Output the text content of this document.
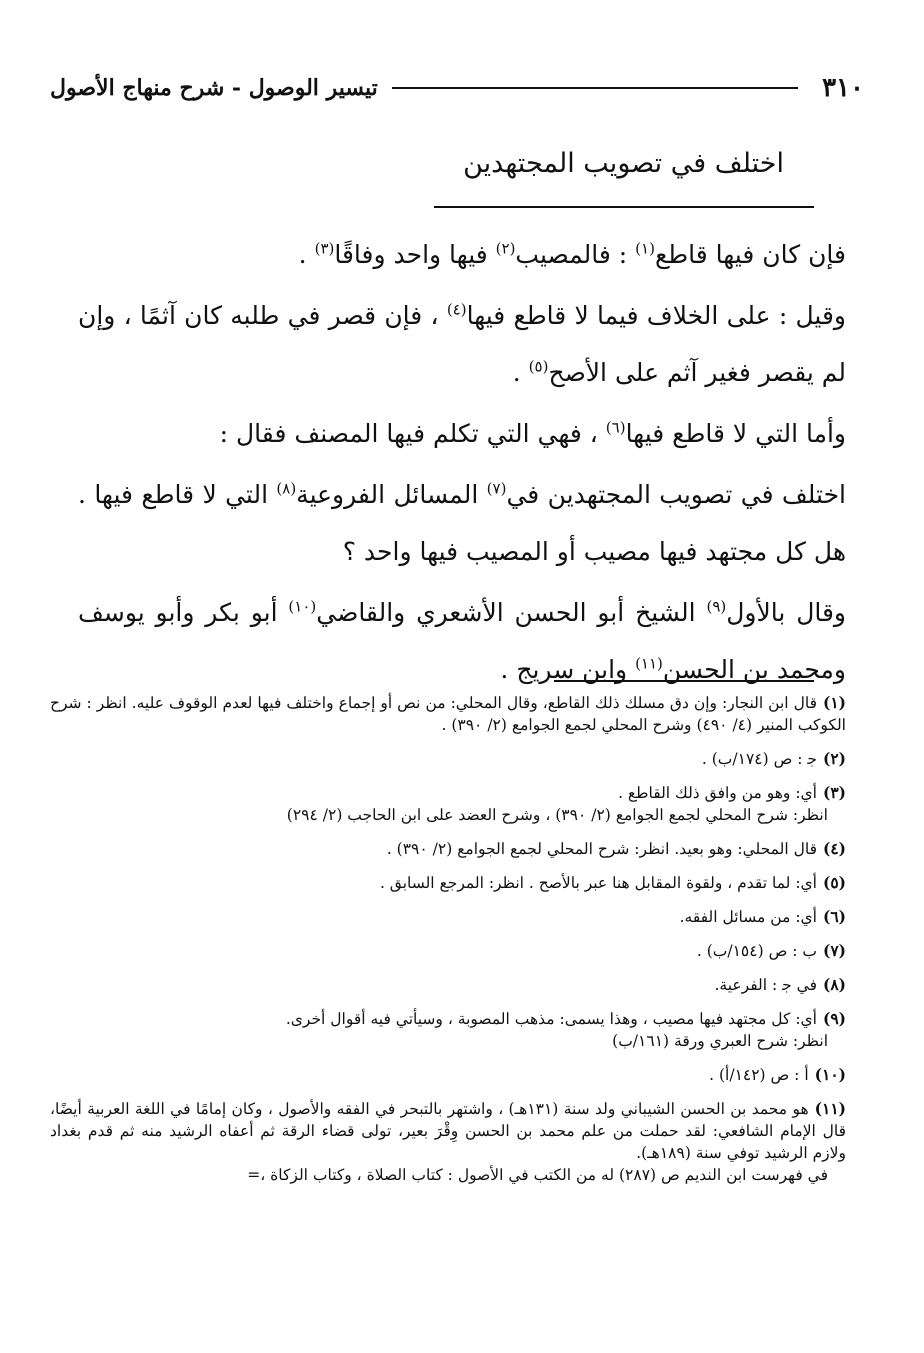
٣١٠
تيسير الوصول - شرح منهاج الأصول
اختلف في تصويب المجتهدين

فإن كان فيها قاطع$^{(١)}$ : فالمصيب$^{(٢)}$ فيها واحد وفاقًا$^{(٣)}$ .

وقيل : على الخلاف فيما لا قاطع فيها$^{(٤)}$ ، فإن قصر في طلبه كان آثمًا ، وإن لم يقصر فغير آثم على الأصح$^{(٥)}$ .

وأما التي لا قاطع فيها$^{(٦)}$ ، فهي التي تكلم فيها المصنف فقال :

اختلف في تصويب المجتهدين في$^{(٧)}$ المسائل الفروعية$^{(٨)}$ التي لا قاطع فيها . هل كل مجتهد فيها مصيب أو المصيب فيها واحد ؟

وقال بالأول$^{(٩)}$ الشيخ أبو الحسن الأشعري والقاضي$^{(١٠)}$ أبو بكر وأبو يوسف ومحمد بن الحسن$^{(١١)}$ وابن سريج .

(١)قال ابن النجار: وإن دق مسلك ذلك القاطع، وقال المحلي: من نص أو إجماع واختلف فيها لعدم الوقوف عليه. انظر : شرح الكوكب المنير (٤/ ٤٩٠) وشرح المحلي لجمع الجوامع (٢/ ٣٩٠) .
(٢)ﺟ : ص (١٧٤/ب) .
(٣)أي: وهو من وافق ذلك القاطع .
انظر: شرح المحلي لجمع الجوامع (٢/ ٣٩٠) ، وشرح العضد على ابن الحاجب (٢/ ٢٩٤)
(٤)قال المحلي: وهو بعيد. انظر: شرح المحلي لجمع الجوامع (٢/ ٣٩٠) .
(٥)أي: لما تقدم ، ولقوة المقابل هنا عبر بالأصح . انظر: المرجع السابق .
(٦)أي: من مسائل الفقه.
(٧)ب : ص (١٥٤/ب) .
(٨)في ﺟ : الفرعية.
(٩)أي: كل مجتهد فيها مصيب ، وهذا يسمى: مذهب المصوبة ، وسيأتي فيه أقوال أخرى.
انظر: شرح العبري ورقة (١٦١/ب)
(١٠)أ : ص (١٤٢/أ) .
(١١)هو محمد بن الحسن الشيباني ولد سنة (١٣١هـ) ، واشتهر بالتبحر في الفقه والأصول ، وكان إمامًا في اللغة العربية أيضًا، قال الإمام الشافعي: لقد حملت من علم محمد بن الحسن وِقْرَ بعير، تولى قضاء الرقة ثم أعفاه الرشيد منه ثم قدم بغداد ولازم الرشيد توفي سنة (١٨٩هـ).
في فهرست ابن النديم ص (٢٨٧) له من الكتب في الأصول : كتاب الصلاة ، وكتاب الزكاة ،=
